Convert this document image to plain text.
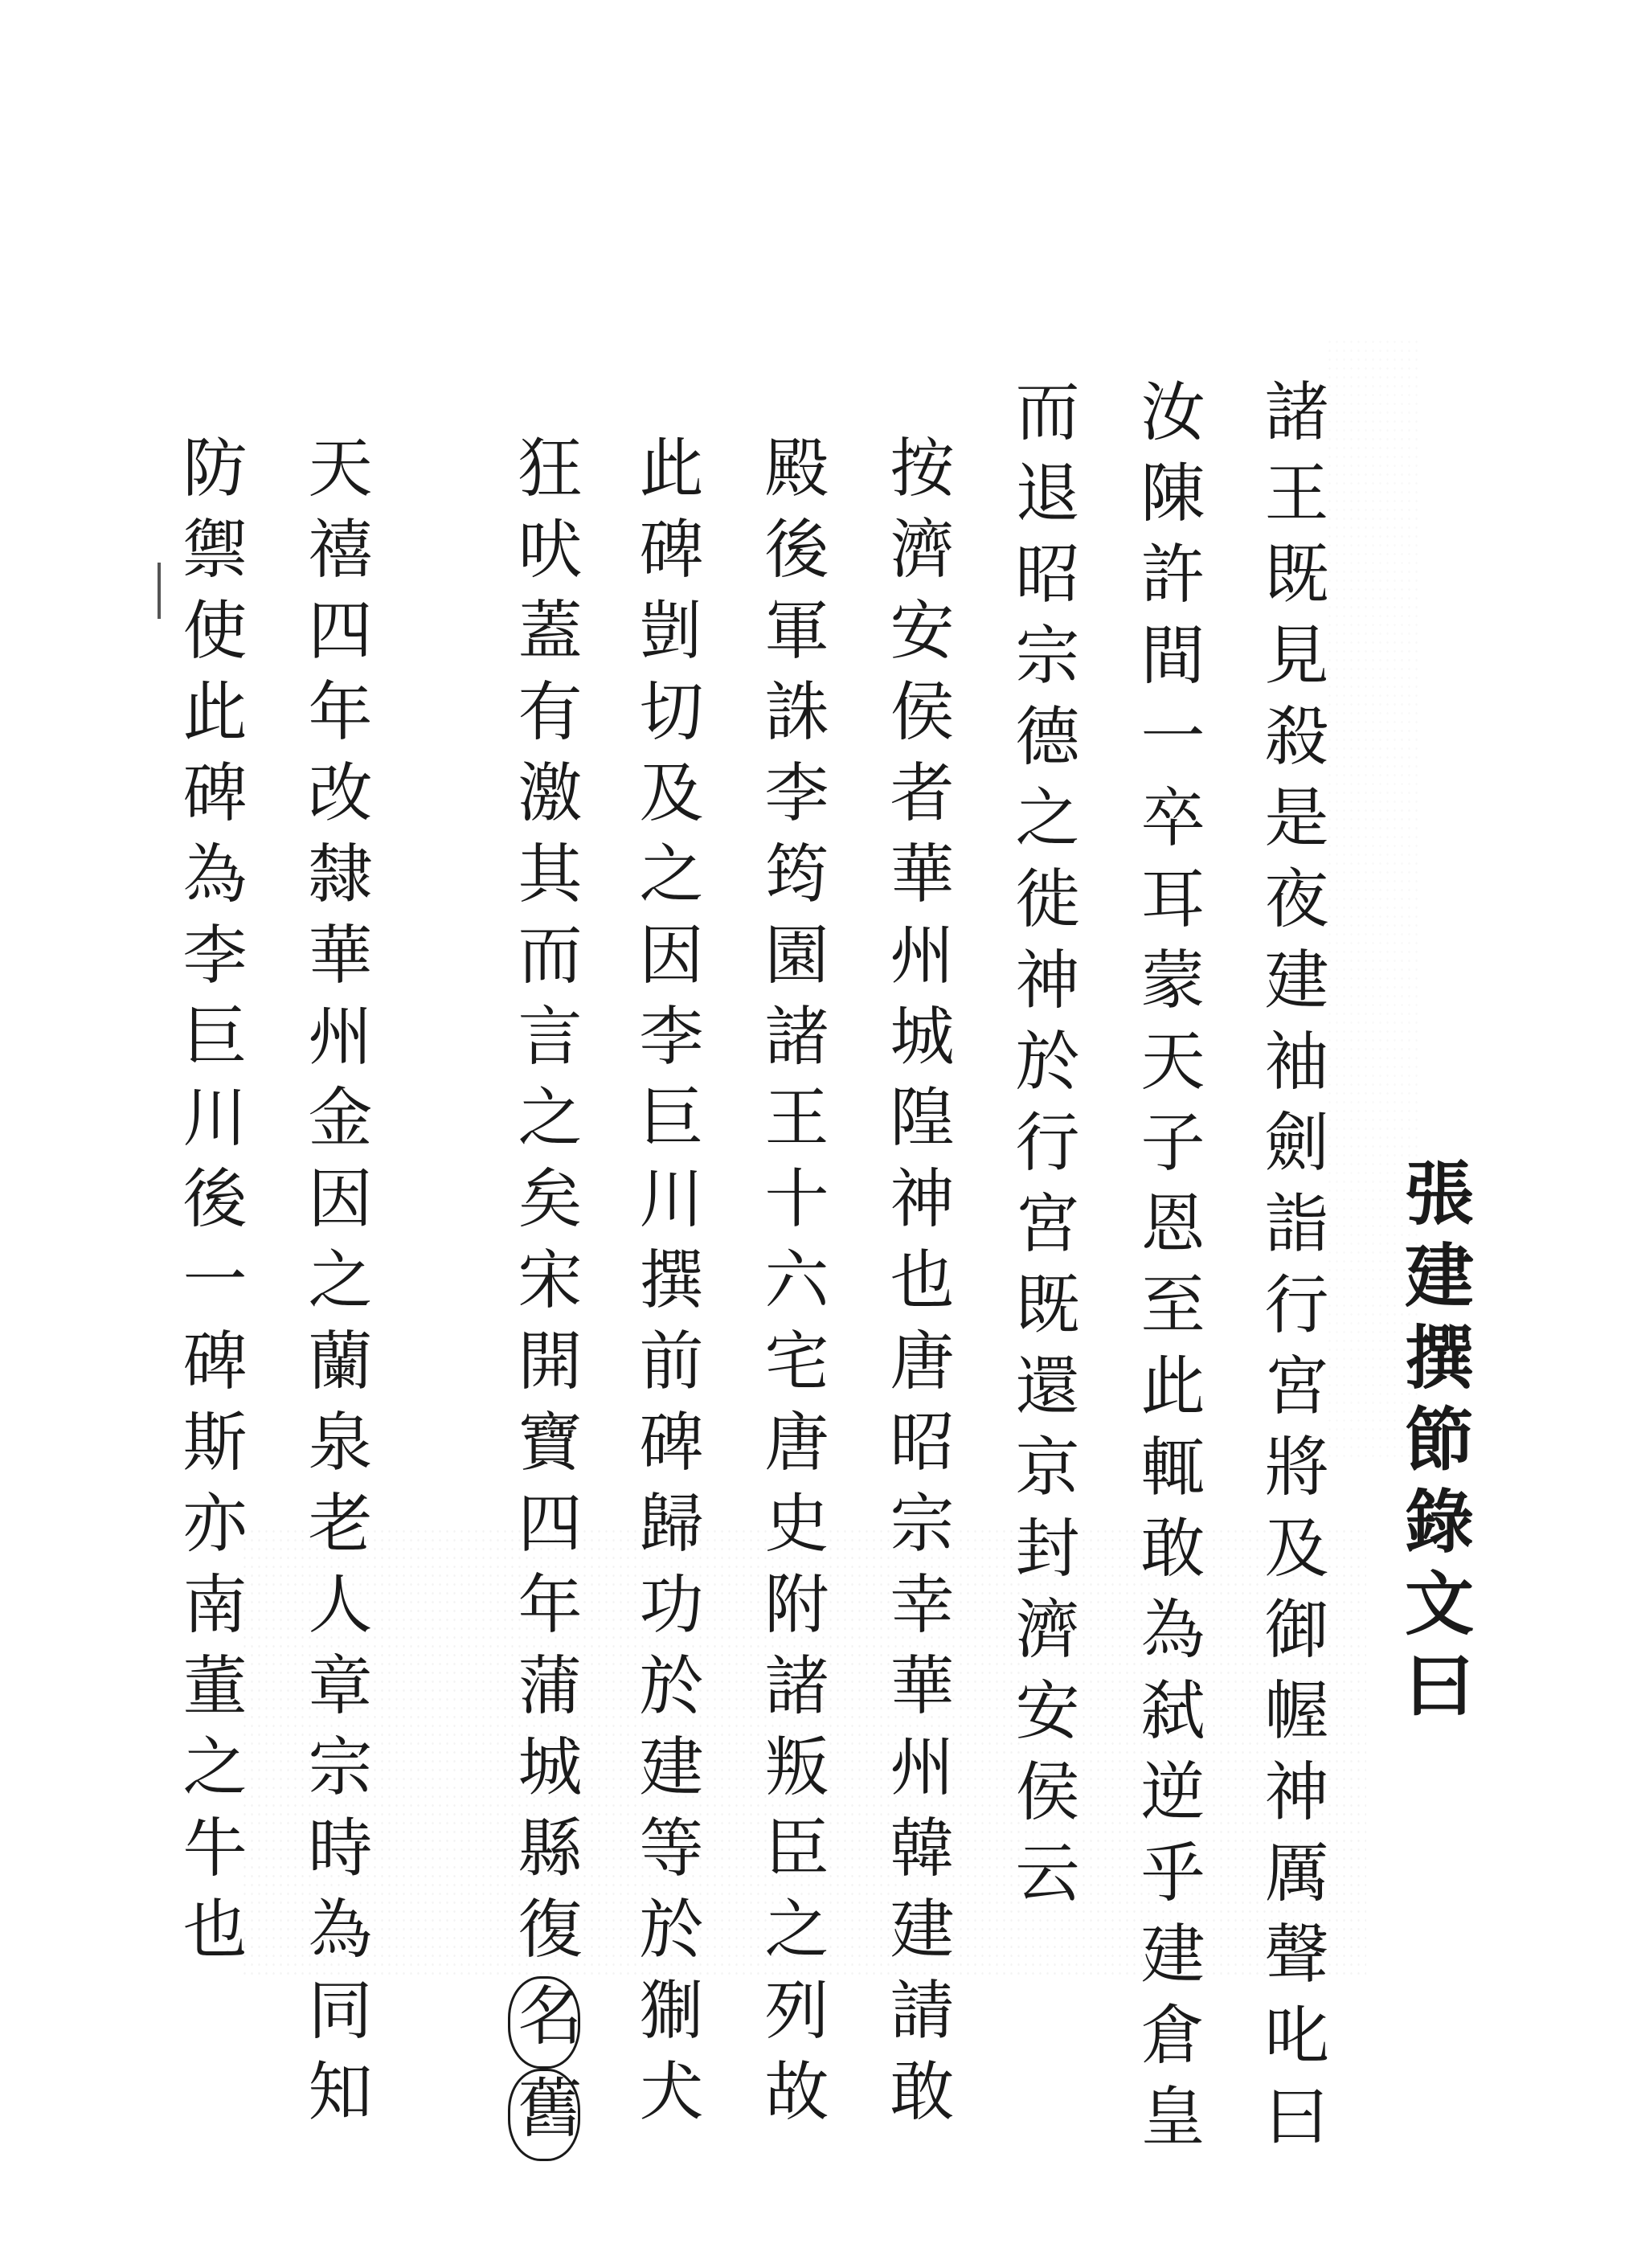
張建撰節錄文曰
諸王既見殺是夜建袖劍詣行宮將及御幄神厲聲叱曰
汝陳許間一卒耳蒙天子恩至此輒敢為弑逆乎建倉皇
而退昭宗德之徙神於行宮既還京封濟安侯云
按濟安侯者華州城隍神也唐昭宗幸華州韓建請敢
殿後軍誅李筠園諸王十六宅唐史附諸叛臣之列故
此碑剴切及之因李巨川撰前碑歸功於建等於猘犬
狂吠蓋有激其而言之矣宋開寶四年蒲城縣復名舊
天禧四年改隸華州金因之蘭泉老人章宗時為同知
防禦使此碑為李巨川後一碑斯亦南董之牛也
